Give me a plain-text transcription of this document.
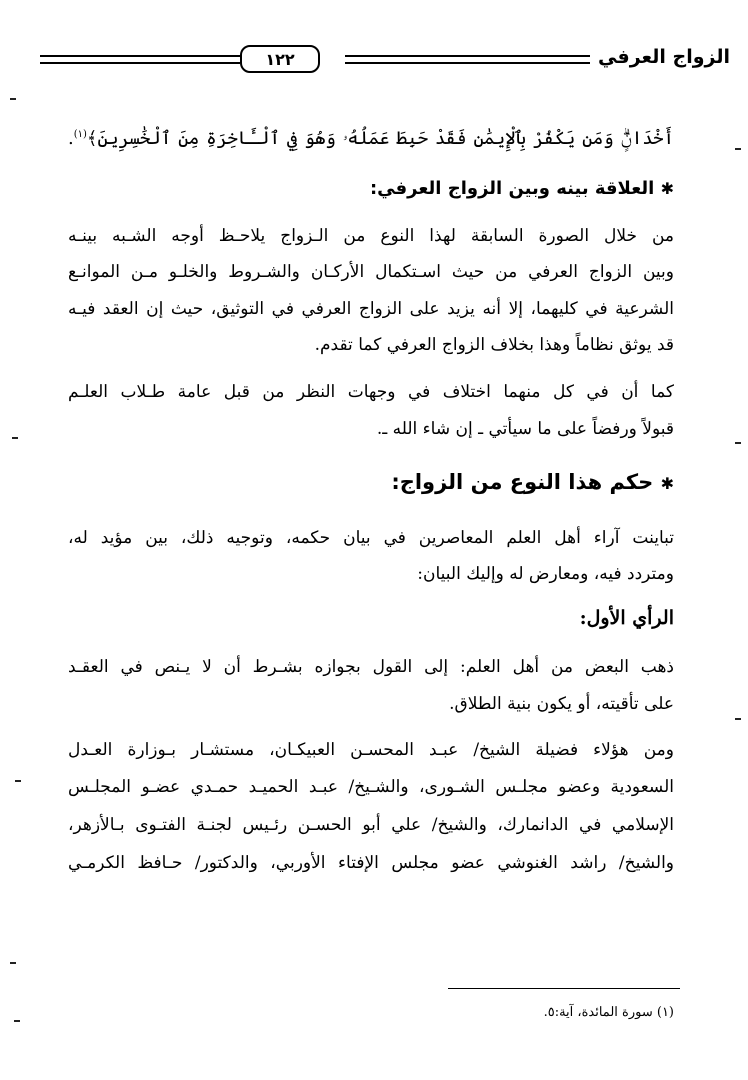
الزواج العرفي
١٢٢
أَخْدَانٍۗ وَمَن يَكْفُرْ بِٱلْإِيمَٰنِ فَقَدْ حَبِطَ عَمَلُهُۥ وَهُوَ فِي ٱلْـَٔاخِرَةِ مِنَ ٱلْخَٰسِرِينَ﴾$^{(١)}$.
✱ العلاقة بينه وبين الزواج العرفي:
من خلال الصورة السابقة لهذا النوع من الـزواج يلاحـظ أوجه الشـبه بينـه
وبين الزواج العرفي من حيث اسـتكمال الأركـان والشـروط والخلـو مـن الموانـع
الشرعية في كليهما، إلا أنه يزيد على الزواج العرفي في التوثيق، حيث إن العقد فيـه
قد يوثق نظاماً وهذا بخلاف الزواج العرفي كما تقدم.
كما أن في كل منهما اختلاف في وجهات النظر من قبل عامة طـلاب العلـم
قبولاً ورفضاً على ما سيأتي ـ إن شاء الله ـ.
✱ حكم هذا النوع من الزواج:
تباينت آراء أهل العلم المعاصرين في بيان حكمه، وتوجيه ذلك، بين مؤيد له،
ومتردد فيه، ومعارض له وإليك البيان:
الرأي الأول:
ذهب البعض من أهل العلم: إلى القول بجوازه بشـرط أن لا يـنص في العقـد
على تأقيته، أو يكون بنية الطلاق.
ومن هؤلاء فضيلة الشيخ/ عبـد المحسـن العبيكـان، مستشـار بـوزارة العـدل
السعودية وعضو مجلـس الشـورى، والشـيخ/ عبـد الحميـد حمـدي عضـو المجلـس
الإسلامي في الدانمارك، والشيخ/ علي أبو الحسـن رئـيس لجنـة الفتـوى بـالأزهر،
والشيخ/ راشد الغنوشي عضو مجلس الإفتاء الأوربي، والدكتور/ حـافظ الكرمـي
(١) سورة المائدة، آية:٥.
